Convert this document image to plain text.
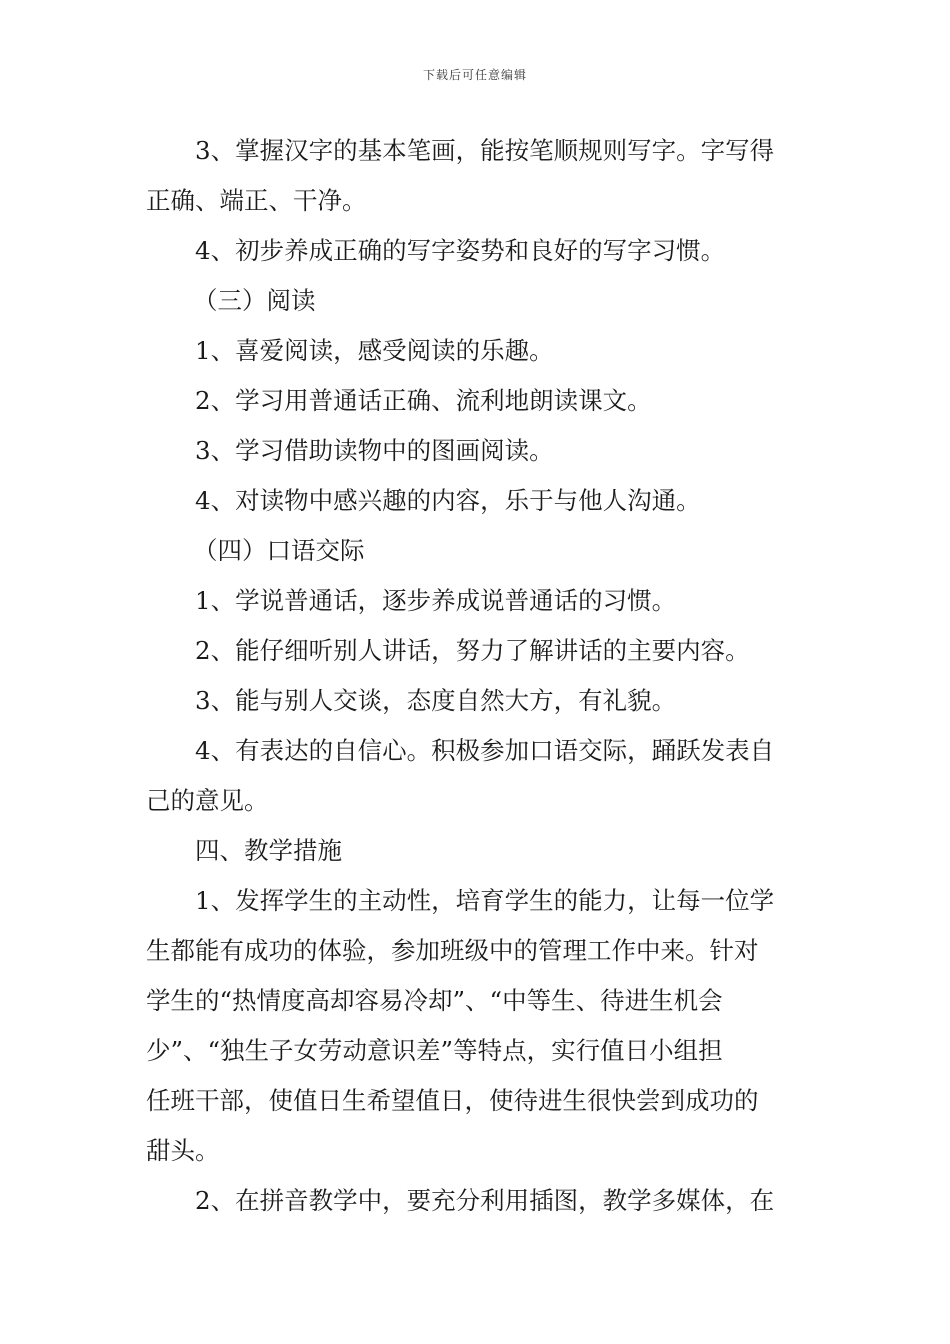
下载后可任意编辑
3、掌握汉字的基本笔画，能按笔顺规则写字。字写得
正确、端正、干净。
4、初步养成正确的写字姿势和良好的写字习惯。
（三）阅读
1、喜爱阅读，感受阅读的乐趣。
2、学习用普通话正确、流利地朗读课文。
3、学习借助读物中的图画阅读。
4、对读物中感兴趣的内容，乐于与他人沟通。
（四）口语交际
1、学说普通话，逐步养成说普通话的习惯。
2、能仔细听别人讲话，努力了解讲话的主要内容。
3、能与别人交谈，态度自然大方，有礼貌。
4、有表达的自信心。积极参加口语交际，踊跃发表自
己的意见。
四、教学措施
1、发挥学生的主动性，培育学生的能力，让每一位学
生都能有成功的体验，参加班级中的管理工作中来。针对
学生的“热情度高却容易冷却”、“中等生、待进生机会
少”、“独生子女劳动意识差”等特点，实行值日小组担
任班干部，使值日生希望值日，使待进生很快尝到成功的
甜头。
2、在拼音教学中，要充分利用插图，教学多媒体，在
